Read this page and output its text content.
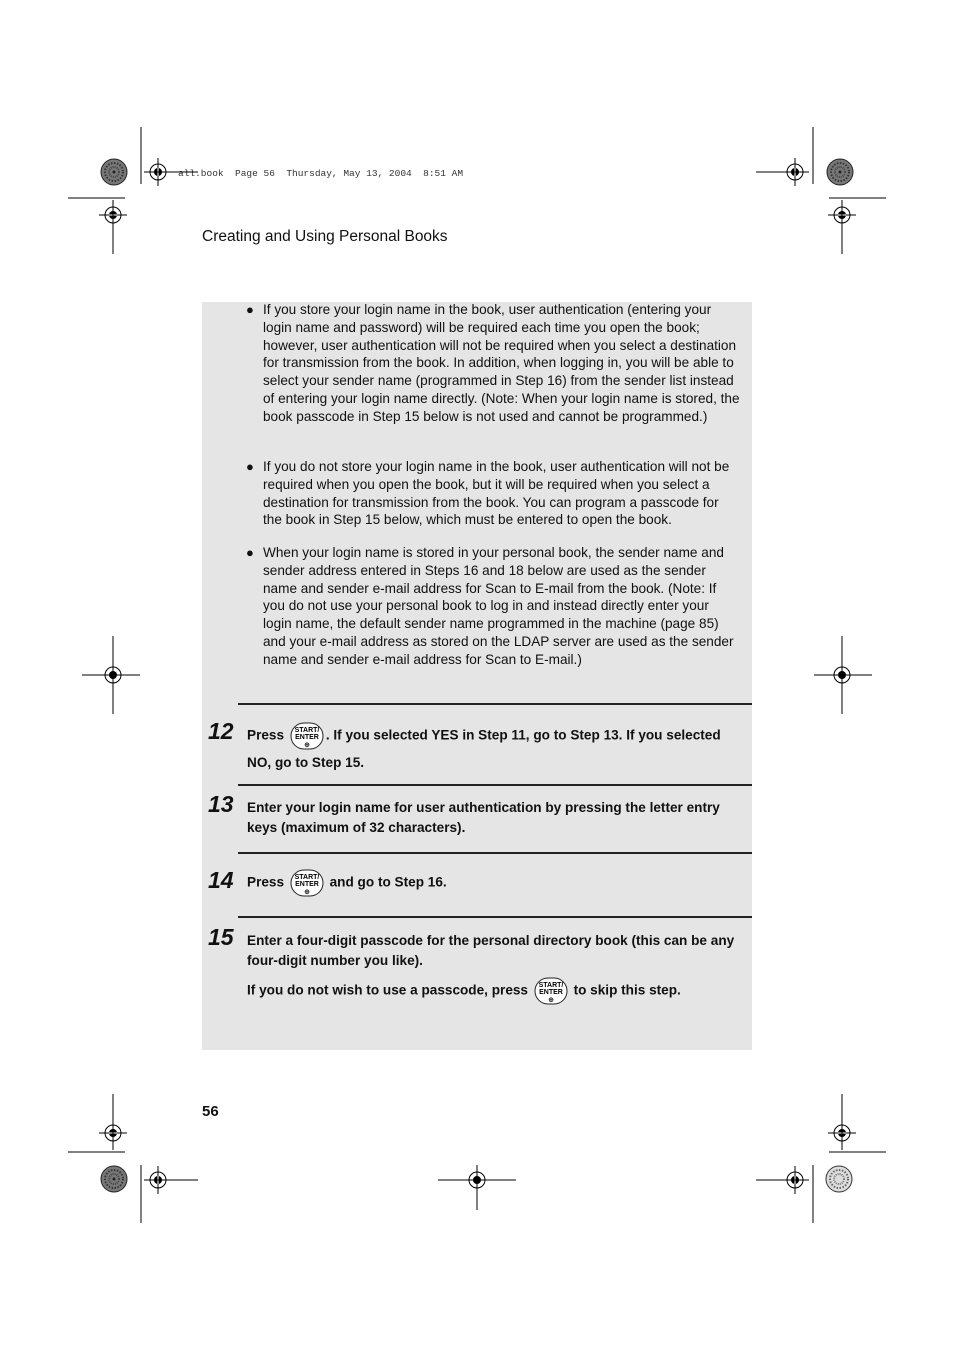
all.book  Page 56  Thursday, May 13, 2004  8:51 AM
Creating and Using Personal Books
● If you store your login name in the book, user authentication (entering your login name and password) will be required each time you open the book; however, user authentication will not be required when you select a destination for transmission from the book. In addition, when logging in, you will be able to select your sender name (programmed in Step 16) from the sender list instead of entering your login name directly. (Note: When your login name is stored, the book passcode in Step 15 below is not used and cannot be programmed.)
● If you do not store your login name in the book, user authentication will not be required when you open the book, but it will be required when you select a destination for transmission from the book. You can program a passcode for the book in Step 15 below, which must be entered to open the book.
● When your login name is stored in your personal book, the sender name and sender address entered in Steps 16 and 18 below are used as the sender name and sender e-mail address for Scan to E-mail from the book. (Note: If you do not use your personal book to log in and instead directly enter your login name, the default sender name programmed in the machine (page 85) and your e-mail address as stored on the LDAP server are used as the sender name and sender e-mail address for Scan to E-mail.)
12 Press START/
ENTER
⊕
. If you selected YES in Step 11, go to Step 13. If you selected NO, go to Step 15.
13 Enter your login name for user authentication by pressing the letter entry keys (maximum of 32 characters).
14 Press START/
ENTER
⊕
and go to Step 16.
15 Enter a four-digit passcode for the personal directory book (this can be any four-digit number you like).
If you do not wish to use a passcode, press START/
ENTER
⊕
to skip this step.
56
